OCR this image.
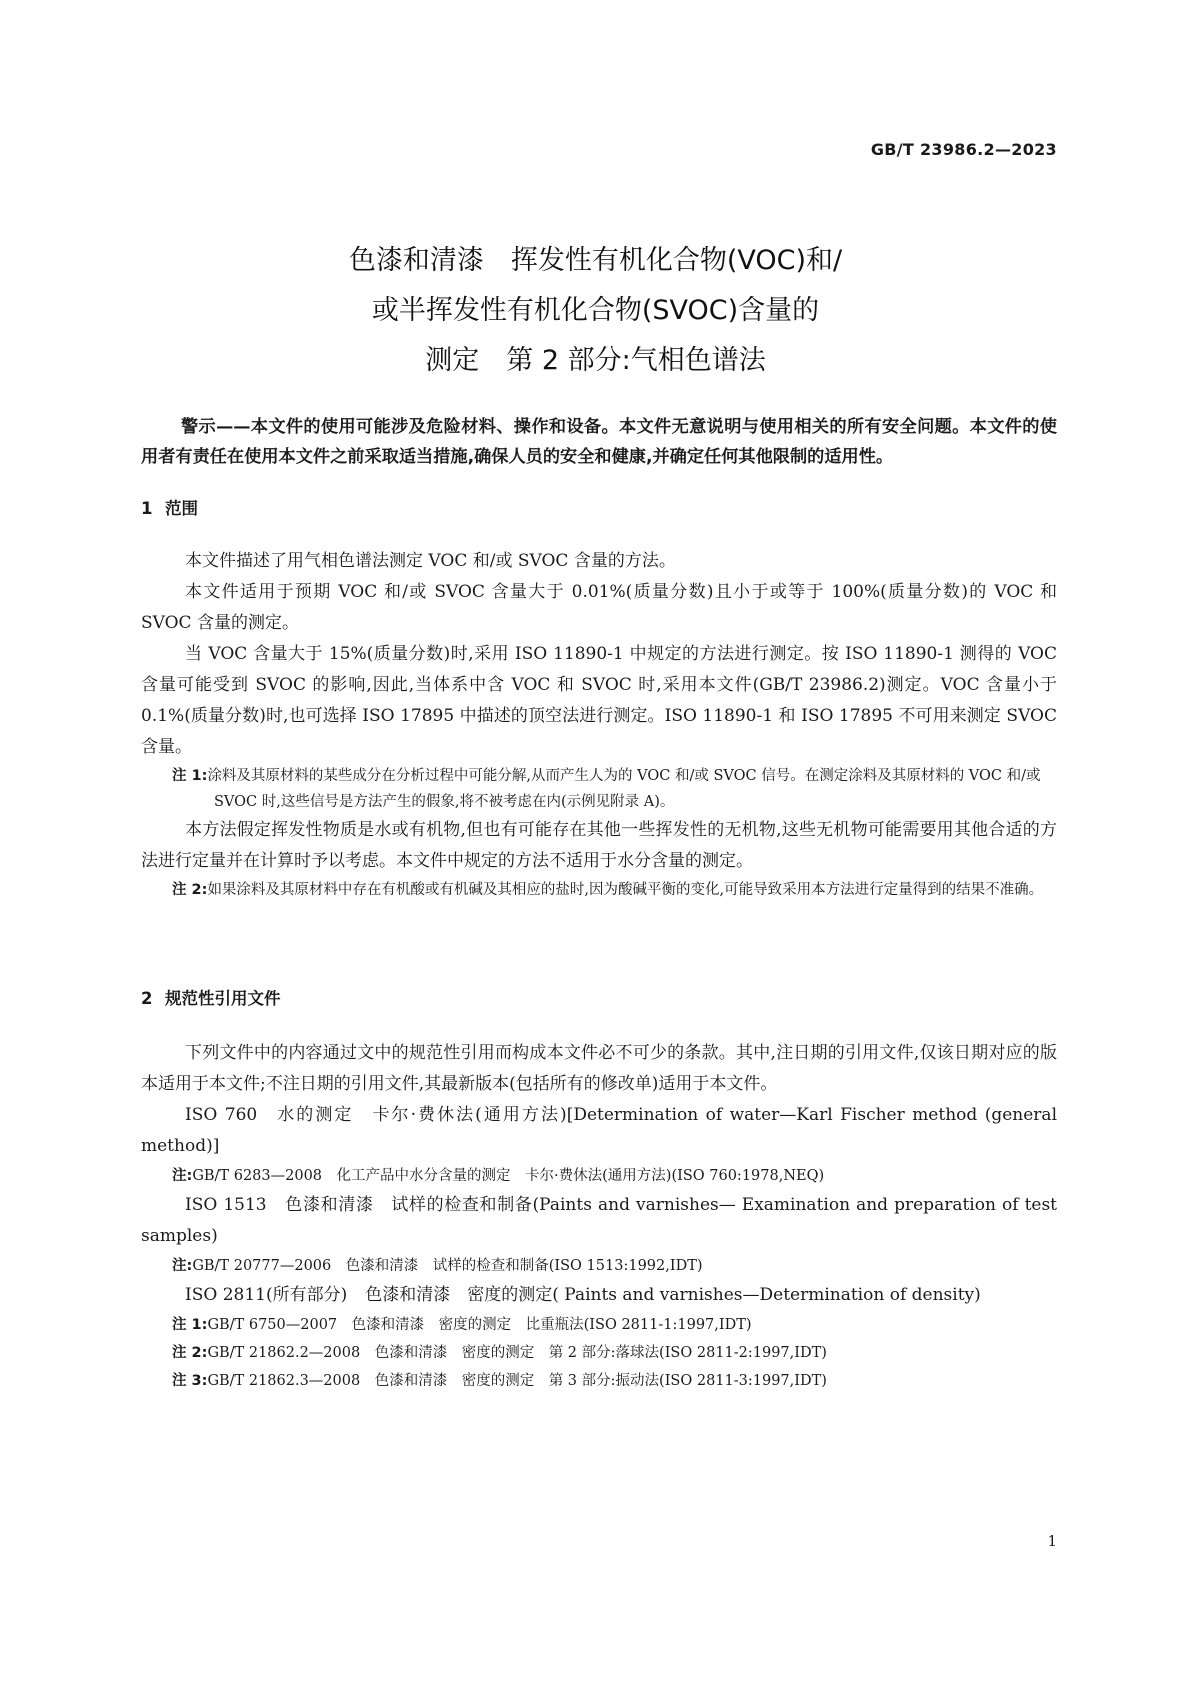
GB/T 23986.2—2023
色漆和清漆　挥发性有机化合物(VOC)和/
或半挥发性有机化合物(SVOC)含量的
测定　第 2 部分:气相色谱法

警示——本文件的使用可能涉及危险材料、操作和设备。本文件无意说明与使用相关的所有安全问题。本文件的使用者有责任在使用本文件之前采取适当措施,确保人员的安全和健康,并确定任何其他限制的适用性。

1 范围

本文件描述了用气相色谱法测定 VOC 和/或 SVOC 含量的方法。

本文件适用于预期 VOC 和/或 SVOC 含量大于 0.01%(质量分数)且小于或等于 100%(质量分数)的 VOC 和 SVOC 含量的测定。

当 VOC 含量大于 15%(质量分数)时,采用 ISO 11890-1 中规定的方法进行测定。按 ISO 11890-1 测得的 VOC 含量可能受到 SVOC 的影响,因此,当体系中含 VOC 和 SVOC 时,采用本文件(GB/T 23986.2)测定。VOC 含量小于 0.1%(质量分数)时,也可选择 ISO 17895 中描述的顶空法进行测定。ISO 11890-1 和 ISO 17895 不可用来测定 SVOC 含量。

注 1:涂料及其原材料的某些成分在分析过程中可能分解,从而产生人为的 VOC 和/或 SVOC 信号。在测定涂料及其原材料的 VOC 和/或 SVOC 时,这些信号是方法产生的假象,将不被考虑在内(示例见附录 A)。

本方法假定挥发性物质是水或有机物,但也有可能存在其他一些挥发性的无机物,这些无机物可能需要用其他合适的方法进行定量并在计算时予以考虑。本文件中规定的方法不适用于水分含量的测定。

注 2:如果涂料及其原材料中存在有机酸或有机碱及其相应的盐时,因为酸碱平衡的变化,可能导致采用本方法进行定量得到的结果不准确。

2 规范性引用文件

下列文件中的内容通过文中的规范性引用而构成本文件必不可少的条款。其中,注日期的引用文件,仅该日期对应的版本适用于本文件;不注日期的引用文件,其最新版本(包括所有的修改单)适用于本文件。

ISO 760 水的测定　卡尔·费休法(通用方法)[Determination of water—Karl Fischer method (general method)]

注:GB/T 6283—2008　化工产品中水分含量的测定　卡尔·费休法(通用方法)(ISO 760:1978,NEQ)

ISO 1513 色漆和清漆　试样的检查和制备(Paints and varnishes— Examination and preparation of test samples)

注:GB/T 20777—2006　色漆和清漆　试样的检查和制备(ISO 1513:1992,IDT)

ISO 2811(所有部分) 色漆和清漆　密度的测定( Paints and varnishes—Determination of density)

注 1:GB/T 6750—2007　色漆和清漆　密度的测定　比重瓶法(ISO 2811-1:1997,IDT)

注 2:GB/T 21862.2—2008　色漆和清漆　密度的测定　第 2 部分:落球法(ISO 2811-2:1997,IDT)

注 3:GB/T 21862.3—2008　色漆和清漆　密度的测定　第 3 部分:振动法(ISO 2811-3:1997,IDT)

1
